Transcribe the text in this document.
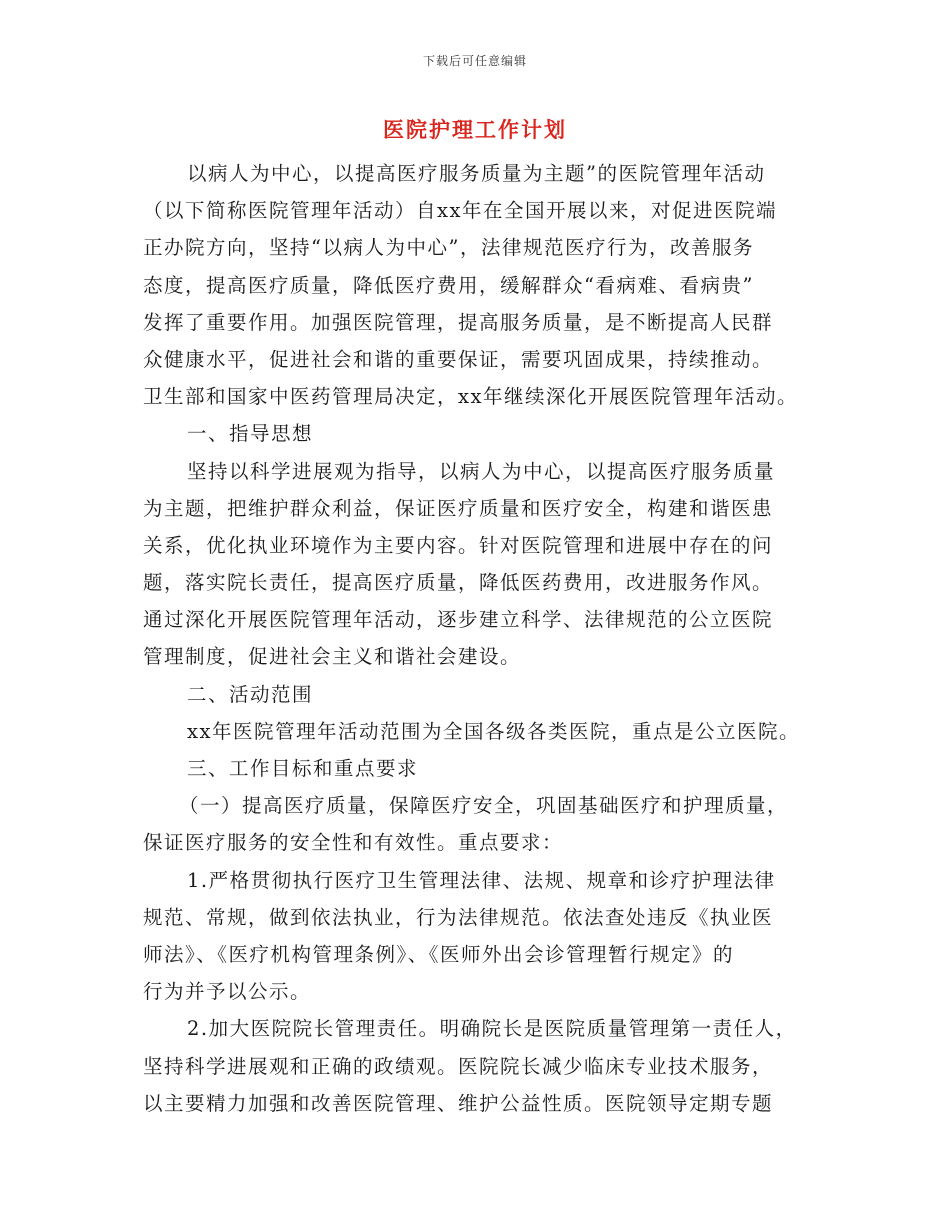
下载后可任意编辑
医院护理工作计划
以病人为中心，以提高医疗服务质量为主题”的医院管理年活动
（以下简称医院管理年活动）自xx年在全国开展以来，对促进医院端
正办院方向，坚持“以病人为中心”，法律规范医疗行为，改善服务
态度，提高医疗质量，降低医疗费用，缓解群众“看病难、看病贵”
发挥了重要作用。加强医院管理，提高服务质量，是不断提高人民群
众健康水平，促进社会和谐的重要保证，需要巩固成果，持续推动。
卫生部和国家中医药管理局决定，xx年继续深化开展医院管理年活动。
一、指导思想
坚持以科学进展观为指导，以病人为中心，以提高医疗服务质量
为主题，把维护群众利益，保证医疗质量和医疗安全，构建和谐医患
关系，优化执业环境作为主要内容。针对医院管理和进展中存在的问
题，落实院长责任，提高医疗质量，降低医药费用，改进服务作风。
通过深化开展医院管理年活动，逐步建立科学、法律规范的公立医院
管理制度，促进社会主义和谐社会建设。
二、活动范围
xx年医院管理年活动范围为全国各级各类医院，重点是公立医院。
三、工作目标和重点要求
（一）提高医疗质量，保障医疗安全，巩固基础医疗和护理质量，
保证医疗服务的安全性和有效性。重点要求：
1.严格贯彻执行医疗卫生管理法律、法规、规章和诊疗护理法律
规范、常规，做到依法执业，行为法律规范。依法查处违反《执业医
师法》、《医疗机构管理条例》、《医师外出会诊管理暂行规定》的
行为并予以公示。
2.加大医院院长管理责任。明确院长是医院质量管理第一责任人，
坚持科学进展观和正确的政绩观。医院院长减少临床专业技术服务，
以主要精力加强和改善医院管理、维护公益性质。医院领导定期专题
